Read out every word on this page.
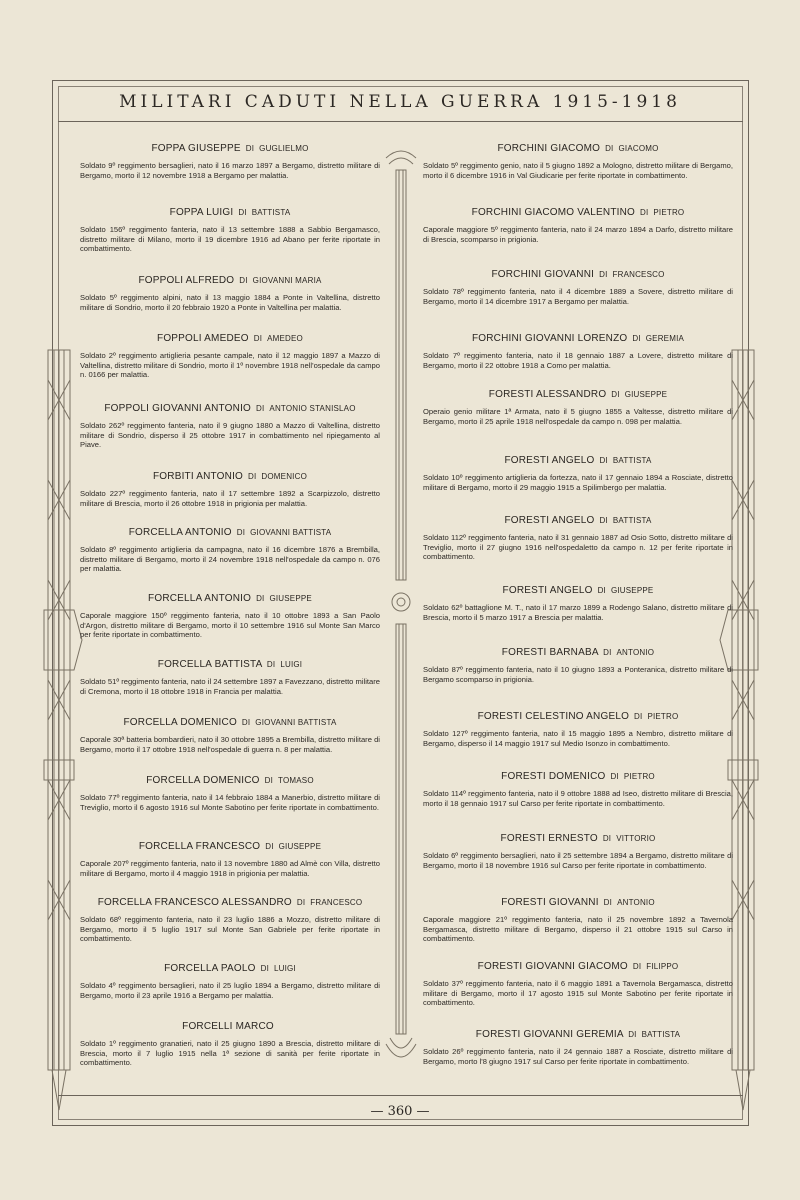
MILITARI CADUTI NELLA GUERRA 1915-1918
FOPPA GIUSEPPE DI GUGLIELMO

Soldato 9º reggimento bersaglieri, nato il 16 marzo 1897 a Bergamo, distretto militare di Bergamo, morto il 12 novembre 1918 a Bergamo per malattia.

FOPPA LUIGI DI BATTISTA

Soldato 156º reggimento fanteria, nato il 13 settembre 1888 a Sabbio Bergamasco, distretto militare di Milano, morto il 19 dicembre 1916 ad Abano per ferite riportate in combattimento.

FOPPOLI ALFREDO DI GIOVANNI MARIA

Soldato 5º reggimento alpini, nato il 13 maggio 1884 a Ponte in Valtellina, distretto militare di Sondrio, morto il 20 febbraio 1920 a Ponte in Valtellina per malattia.

FOPPOLI AMEDEO DI AMEDEO

Soldato 2º reggimento artiglieria pesante campale, nato il 12 maggio 1897 a Mazzo di Valtellina, distretto militare di Sondrio, morto il 1º novembre 1918 nell'ospedale da campo n. 0166 per malattia.

FOPPOLI GIOVANNI ANTONIO DI ANTONIO STANISLAO

Soldato 262º reggimento fanteria, nato il 9 giugno 1880 a Mazzo di Valtellina, distretto militare di Sondrio, disperso il 25 ottobre 1917 in combattimento nel ripiegamento al Piave.

FORBITI ANTONIO DI DOMENICO

Soldato 227º reggimento fanteria, nato il 17 settembre 1892 a Scarpizzolo, distretto militare di Brescia, morto il 26 ottobre 1918 in prigionia per malattia.

FORCELLA ANTONIO DI GIOVANNI BATTISTA

Soldato 8º reggimento artiglieria da campagna, nato il 16 dicembre 1876 a Brembilla, distretto militare di Bergamo, morto il 24 novembre 1918 nell'ospedale da campo n. 076 per malattia.

FORCELLA ANTONIO DI GIUSEPPE

Caporale maggiore 150º reggimento fanteria, nato il 10 ottobre 1893 a San Paolo d'Argon, distretto militare di Bergamo, morto il 10 settembre 1916 sul Monte San Marco per ferite riportate in combattimento.

FORCELLA BATTISTA DI LUIGI

Soldato 51º reggimento fanteria, nato il 24 settembre 1897 a Favezzano, distretto militare di Cremona, morto il 18 ottobre 1918 in Francia per malattia.

FORCELLA DOMENICO DI GIOVANNI BATTISTA

Caporale 30ª batteria bombardieri, nato il 30 ottobre 1895 a Brembilla, distretto militare di Bergamo, morto il 17 ottobre 1918 nell'ospedale di guerra n. 8 per malattia.

FORCELLA DOMENICO DI TOMASO

Soldato 77º reggimento fanteria, nato il 14 febbraio 1884 a Manerbio, distretto militare di Treviglio, morto il 6 agosto 1916 sul Monte Sabotino per ferite riportate in combattimento.

FORCELLA FRANCESCO DI GIUSEPPE

Caporale 207º reggimento fanteria, nato il 13 novembre 1880 ad Almè con Villa, distretto militare di Bergamo, morto il 4 maggio 1918 in prigionia per malattia.

FORCELLA FRANCESCO ALESSANDRO DI FRANCESCO

Soldato 68º reggimento fanteria, nato il 23 luglio 1886 a Mozzo, distretto militare di Bergamo, morto il 5 luglio 1917 sul Monte San Gabriele per ferite riportate in combattimento.

FORCELLA PAOLO DI LUIGI

Soldato 4º reggimento bersaglieri, nato il 25 luglio 1894 a Bergamo, distretto militare di Bergamo, morto il 23 aprile 1916 a Bergamo per malattia.

FORCELLI MARCO

Soldato 1º reggimento granatieri, nato il 25 giugno 1890 a Brescia, distretto militare di Brescia, morto il 7 luglio 1915 nella 1ª sezione di sanità per ferite riportate in combattimento.

FORCHINI GIACOMO DI GIACOMO

Soldato 5º reggimento genio, nato il 5 giugno 1892 a Mologno, distretto militare di Bergamo, morto il 6 dicembre 1916 in Val Giudicarie per ferite riportate in combattimento.

FORCHINI GIACOMO VALENTINO DI PIETRO

Caporale maggiore 5º reggimento fanteria, nato il 24 marzo 1894 a Darfo, distretto militare di Brescia, scomparso in prigionia.

FORCHINI GIOVANNI DI FRANCESCO

Soldato 78º reggimento fanteria, nato il 4 dicembre 1889 a Sovere, distretto militare di Bergamo, morto il 14 dicembre 1917 a Bergamo per malattia.

FORCHINI GIOVANNI LORENZO DI GEREMIA

Soldato 7º reggimento fanteria, nato il 18 gennaio 1887 a Lovere, distretto militare di Bergamo, morto il 22 ottobre 1918 a Como per malattia.

FORESTI ALESSANDRO DI GIUSEPPE

Operaio genio militare 1ª Armata, nato il 5 giugno 1855 a Valtesse, distretto militare di Bergamo, morto il 25 aprile 1918 nell'ospedale da campo n. 098 per malattia.

FORESTI ANGELO DI BATTISTA

Soldato 10º reggimento artiglieria da fortezza, nato il 17 gennaio 1894 a Rosciate, distretto militare di Bergamo, morto il 29 maggio 1915 a Spilimbergo per malattia.

FORESTI ANGELO DI BATTISTA

Soldato 112º reggimento fanteria, nato il 31 gennaio 1887 ad Osio Sotto, distretto militare di Treviglio, morto il 27 giugno 1916 nell'ospedaletto da campo n. 12 per ferite riportate in combattimento.

FORESTI ANGELO DI GIUSEPPE

Soldato 62º battaglione M. T., nato il 17 marzo 1899 a Rodengo Salano, distretto militare di Brescia, morto il 5 marzo 1917 a Brescia per malattia.

FORESTI BARNABA DI ANTONIO

Soldato 87º reggimento fanteria, nato il 10 giugno 1893 a Ponteranica, distretto militare di Bergamo scomparso in prigionia.

FORESTI CELESTINO ANGELO DI PIETRO

Soldato 127º reggimento fanteria, nato il 15 maggio 1895 a Nembro, distretto militare di Bergamo, disperso il 14 maggio 1917 sul Medio Isonzo in combattimento.

FORESTI DOMENICO DI PIETRO

Soldato 114º reggimento fanteria, nato il 9 ottobre 1888 ad Iseo, distretto militare di Brescia, morto il 18 gennaio 1917 sul Carso per ferite riportate in combattimento.

FORESTI ERNESTO DI VITTORIO

Soldato 6º reggimento bersaglieri, nato il 25 settembre 1894 a Bergamo, distretto militare di Bergamo, morto il 18 novembre 1916 sul Carso per ferite riportate in combattimento.

FORESTI GIOVANNI DI ANTONIO

Caporale maggiore 21º reggimento fanteria, nato il 25 novembre 1892 a Tavernola Bergamasca, distretto militare di Bergamo, disperso il 21 ottobre 1915 sul Carso in combattimento.

FORESTI GIOVANNI GIACOMO DI FILIPPO

Soldato 37º reggimento fanteria, nato il 6 maggio 1891 a Tavernola Bergamasca, distretto militare di Bergamo, morto il 17 agosto 1915 sul Monte Sabotino per ferite riportate in combattimento.

FORESTI GIOVANNI GEREMIA DI BATTISTA

Soldato 26º reggimento fanteria, nato il 24 gennaio 1887 a Rosciate, distretto militare di Bergamo, morto l'8 giugno 1917 sul Carso per ferite riportate in combattimento.

— 360 —
